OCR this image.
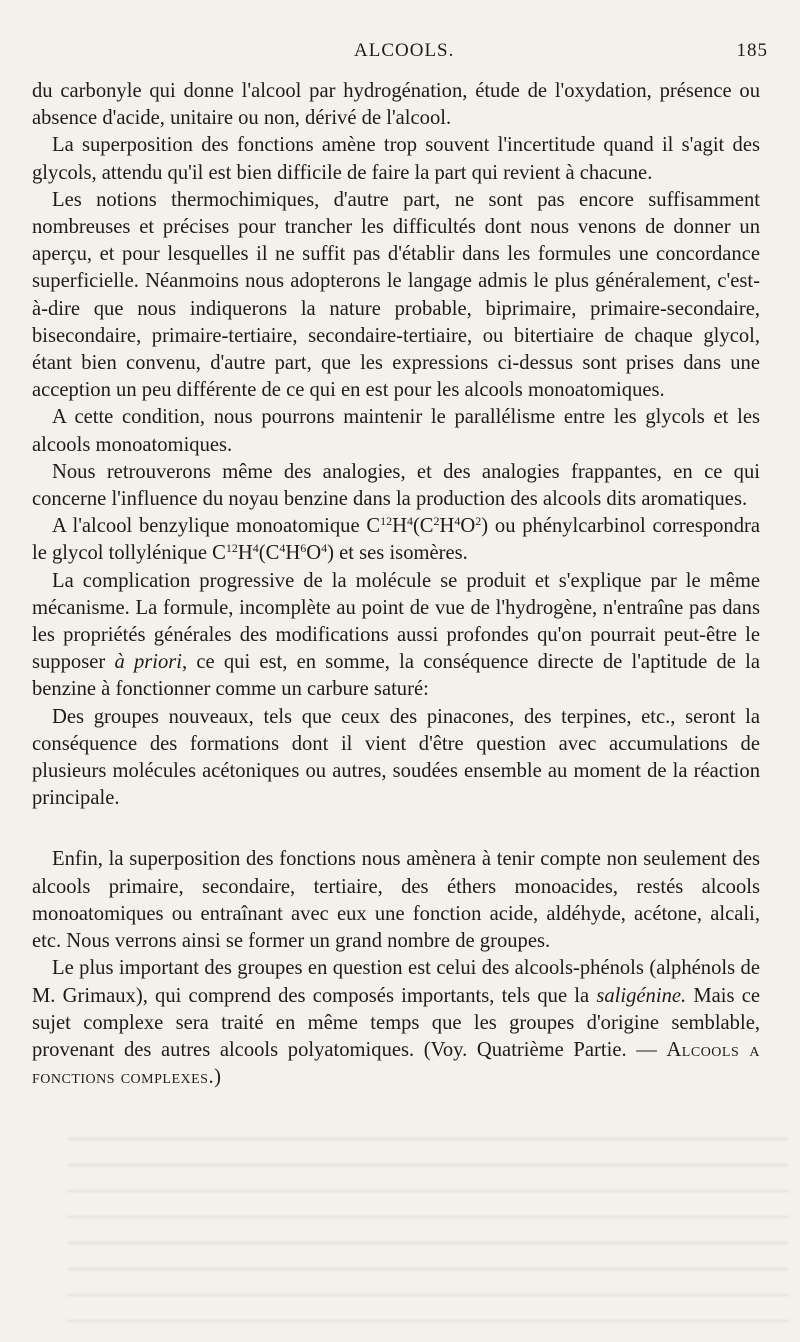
ALCOOLS.	185

du carbonyle qui donne l'alcool par hydrogénation, étude de l'oxydation, présence ou absence d'acide, unitaire ou non, dérivé de l'alcool.

La superposition des fonctions amène trop souvent l'incertitude quand il s'agit des glycols, attendu qu'il est bien difficile de faire la part qui revient à chacune.

Les notions thermochimiques, d'autre part, ne sont pas encore suffisamment nombreuses et précises pour trancher les difficultés dont nous venons de donner un aperçu, et pour lesquelles il ne suffit pas d'établir dans les formules une concordance superficielle. Néanmoins nous adopterons le langage admis le plus généralement, c'est-à-dire que nous indiquerons la nature probable, biprimaire, primaire-secondaire, bisecondaire, primaire-tertiaire, secondaire-tertiaire, ou bitertiaire de chaque glycol, étant bien convenu, d'autre part, que les expressions ci-dessus sont prises dans une acception un peu différente de ce qui en est pour les alcools monoatomiques.

A cette condition, nous pourrons maintenir le parallélisme entre les glycols et les alcools monoatomiques.

Nous retrouverons même des analogies, et des analogies frappantes, en ce qui concerne l'influence du noyau benzine dans la production des alcools dits aromatiques.

A l'alcool benzylique monoatomique $C^{12}H^4(C^2H^4O^2)$ ou phénylcarbinol correspondra le glycol tollylénique $C^{12}H^4(C^4H^6O^4)$ et ses isomères.

La complication progressive de la molécule se produit et s'explique par le même mécanisme. La formule, incomplète au point de vue de l'hydrogène, n'entraîne pas dans les propriétés générales des modifications aussi profondes qu'on pourrait peut-être le supposer à priori, ce qui est, en somme, la conséquence directe de l'aptitude de la benzine à fonctionner comme un carbure saturé:

Des groupes nouveaux, tels que ceux des pinacones, des terpines, etc., seront la conséquence des formations dont il vient d'être question avec accumulations de plusieurs molécules acétoniques ou autres, soudées ensemble au moment de la réaction principale.

Enfin, la superposition des fonctions nous amènera à tenir compte non seulement des alcools primaire, secondaire, tertiaire, des éthers monoacides, restés alcools monoatomiques ou entraînant avec eux une fonction acide, aldéhyde, acétone, alcali, etc. Nous verrons ainsi se former un grand nombre de groupes.

Le plus important des groupes en question est celui des alcools-phénols (alphénols de M. Grimaux), qui comprend des composés importants, tels que la saligénine. Mais ce sujet complexe sera traité en même temps que les groupes d'origine semblable, provenant des autres alcools polyatomiques. (Voy. Quatrième Partie. — Alcools a fonctions complexes.)
